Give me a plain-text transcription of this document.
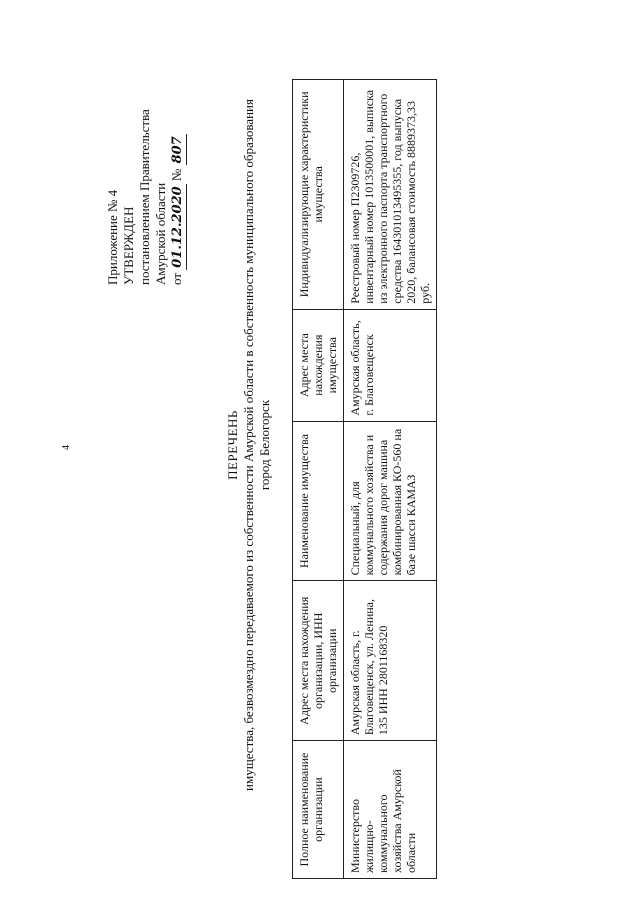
4
Приложение № 4 УТВЕРЖДЕН постановлением Правительства Амурской области от 01.12.2020 № 807
ПЕРЕЧЕНЬ имущества, безвозмездно передаваемого из собственности Амурской области в собственность муниципального образования город Белогорск
Полное наименование организации	Адрес места нахождения организации, ИНН организации	Наименование имущества	Адрес места нахождения имущества	Индивидуализирующие характеристики имущества
Министерство жилищно-коммунального хозяйства Амурской области	Амурская область, г. Благовещенск, ул. Ленина, 135 ИНН 2801168320	Специальный, для коммунального хозяйства и содержания дорог машина комбинированная КО-560 на базе шасси КАМАЗ	Амурская область, г. Благовещенск	Реестровый номер П2309726, инвентарный номер 1013500001, выписка из электронного паспорта транспортного средства 164301013495355, год выпуска 2020, балансовая стоимость 8889373,33 руб.
